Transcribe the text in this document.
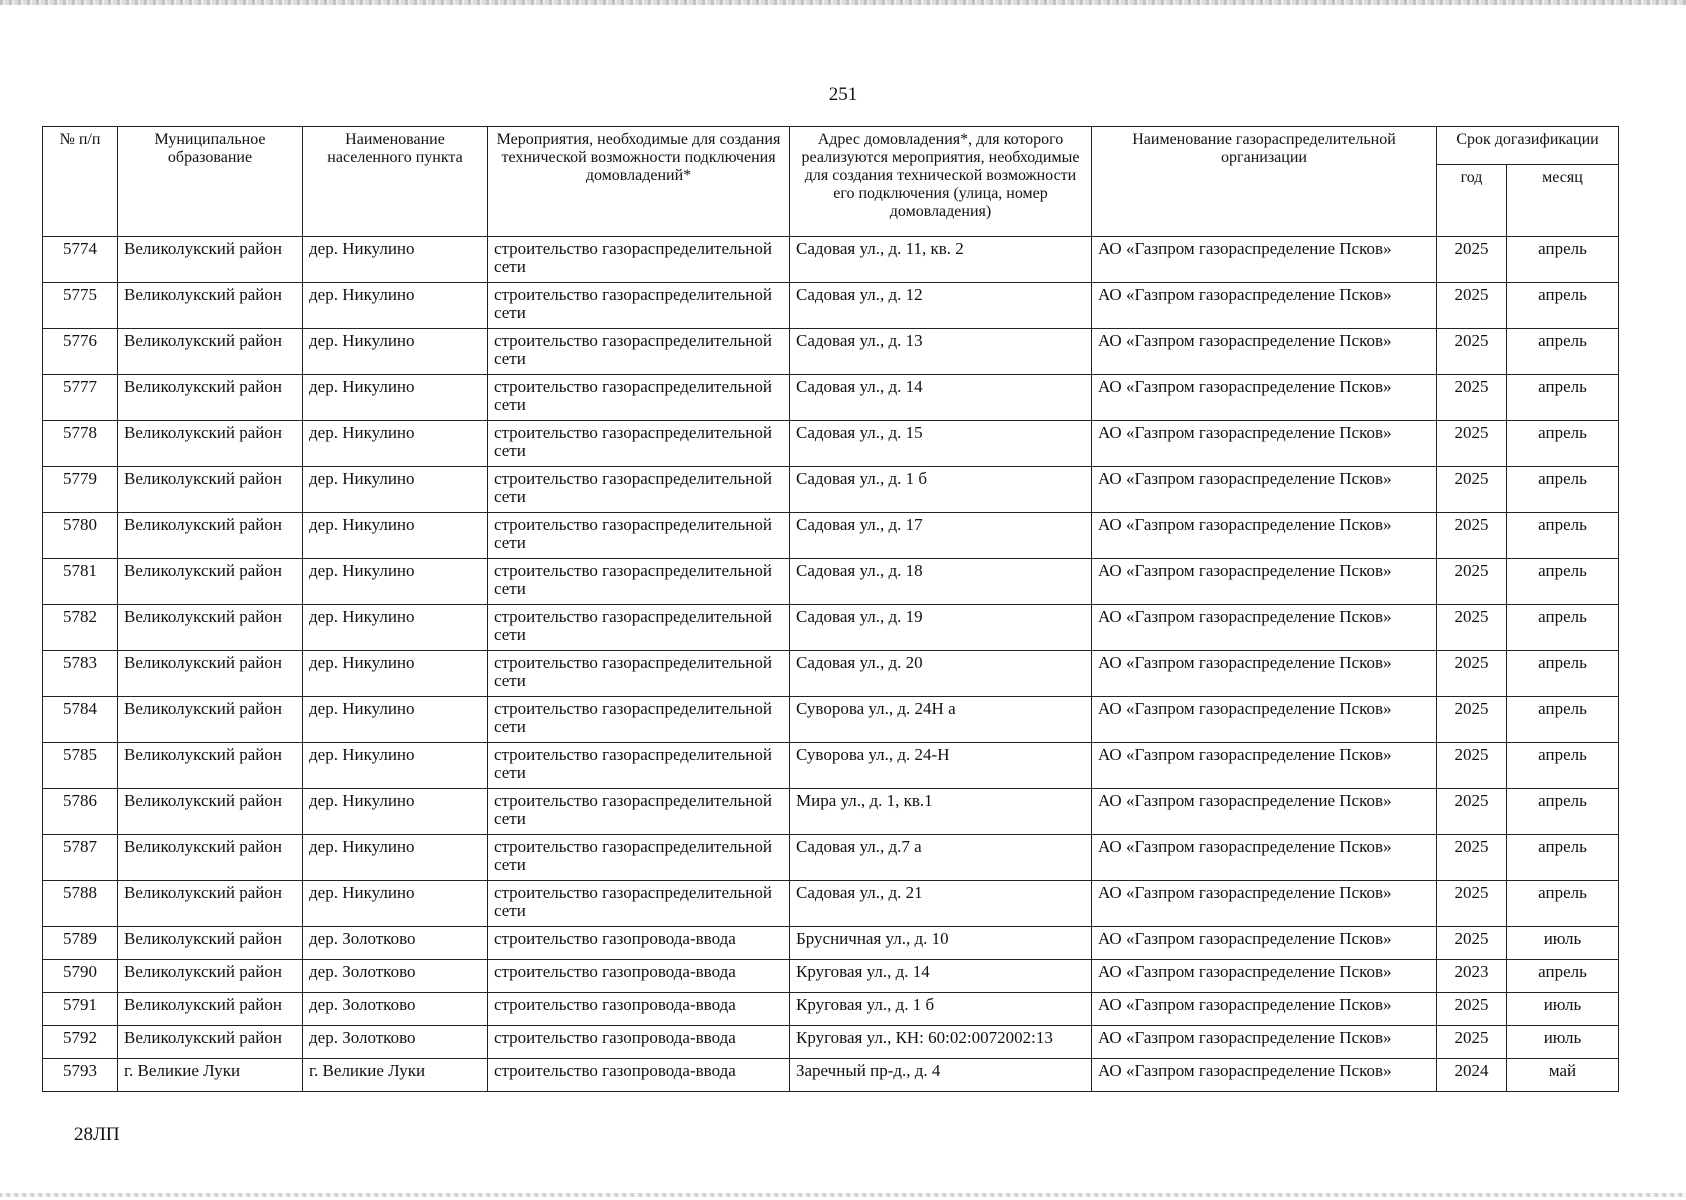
251
№ п/п	Муниципальное образование	Наименование населенного пункта	Мероприятия, необходимые для создания технической возможности подключения домовладений*	Адрес домовладения*, для которого реализуются мероприятия, необходимые для создания технической возможности его подключения (улица, номер домовладения)	Наименование газораспределительной организации	Срок догазификации	
						год	месяц
5774	Великолукский район	дер. Никулино	строительство газораспределительной сети	Садовая ул., д. 11, кв. 2	АО «Газпром газораспределение Псков»	2025	апрель
5775	Великолукский район	дер. Никулино	строительство газораспределительной сети	Садовая ул., д. 12	АО «Газпром газораспределение Псков»	2025	апрель
5776	Великолукский район	дер. Никулино	строительство газораспределительной сети	Садовая ул., д. 13	АО «Газпром газораспределение Псков»	2025	апрель
5777	Великолукский район	дер. Никулино	строительство газораспределительной сети	Садовая ул., д. 14	АО «Газпром газораспределение Псков»	2025	апрель
5778	Великолукский район	дер. Никулино	строительство газораспределительной сети	Садовая ул., д. 15	АО «Газпром газораспределение Псков»	2025	апрель
5779	Великолукский район	дер. Никулино	строительство газораспределительной сети	Садовая ул., д. 1 б	АО «Газпром газораспределение Псков»	2025	апрель
5780	Великолукский район	дер. Никулино	строительство газораспределительной сети	Садовая ул., д. 17	АО «Газпром газораспределение Псков»	2025	апрель
5781	Великолукский район	дер. Никулино	строительство газораспределительной сети	Садовая ул., д. 18	АО «Газпром газораспределение Псков»	2025	апрель
5782	Великолукский район	дер. Никулино	строительство газораспределительной сети	Садовая ул., д. 19	АО «Газпром газораспределение Псков»	2025	апрель
5783	Великолукский район	дер. Никулино	строительство газораспределительной сети	Садовая ул., д. 20	АО «Газпром газораспределение Псков»	2025	апрель
5784	Великолукский район	дер. Никулино	строительство газораспределительной сети	Суворова ул., д. 24Н а	АО «Газпром газораспределение Псков»	2025	апрель
5785	Великолукский район	дер. Никулино	строительство газораспределительной сети	Суворова ул., д. 24-Н	АО «Газпром газораспределение Псков»	2025	апрель
5786	Великолукский район	дер. Никулино	строительство газораспределительной сети	Мира ул., д. 1, кв.1	АО «Газпром газораспределение Псков»	2025	апрель
5787	Великолукский район	дер. Никулино	строительство газораспределительной сети	Садовая ул., д.7 а	АО «Газпром газораспределение Псков»	2025	апрель
5788	Великолукский район	дер. Никулино	строительство газораспределительной сети	Садовая ул., д. 21	АО «Газпром газораспределение Псков»	2025	апрель
5789	Великолукский район	дер. Золотково	строительство газопровода-ввода	Брусничная ул., д. 10	АО «Газпром газораспределение Псков»	2025	июль
5790	Великолукский район	дер. Золотково	строительство газопровода-ввода	Круговая ул., д. 14	АО «Газпром газораспределение Псков»	2023	апрель
5791	Великолукский район	дер. Золотково	строительство газопровода-ввода	Круговая ул., д. 1 б	АО «Газпром газораспределение Псков»	2025	июль
5792	Великолукский район	дер. Золотково	строительство газопровода-ввода	Круговая ул., КН: 60:02:0072002:13	АО «Газпром газораспределение Псков»	2025	июль
5793	г. Великие Луки	г. Великие Луки	строительство газопровода-ввода	Заречный пр-д., д. 4	АО «Газпром газораспределение Псков»	2024	май
28ЛП
